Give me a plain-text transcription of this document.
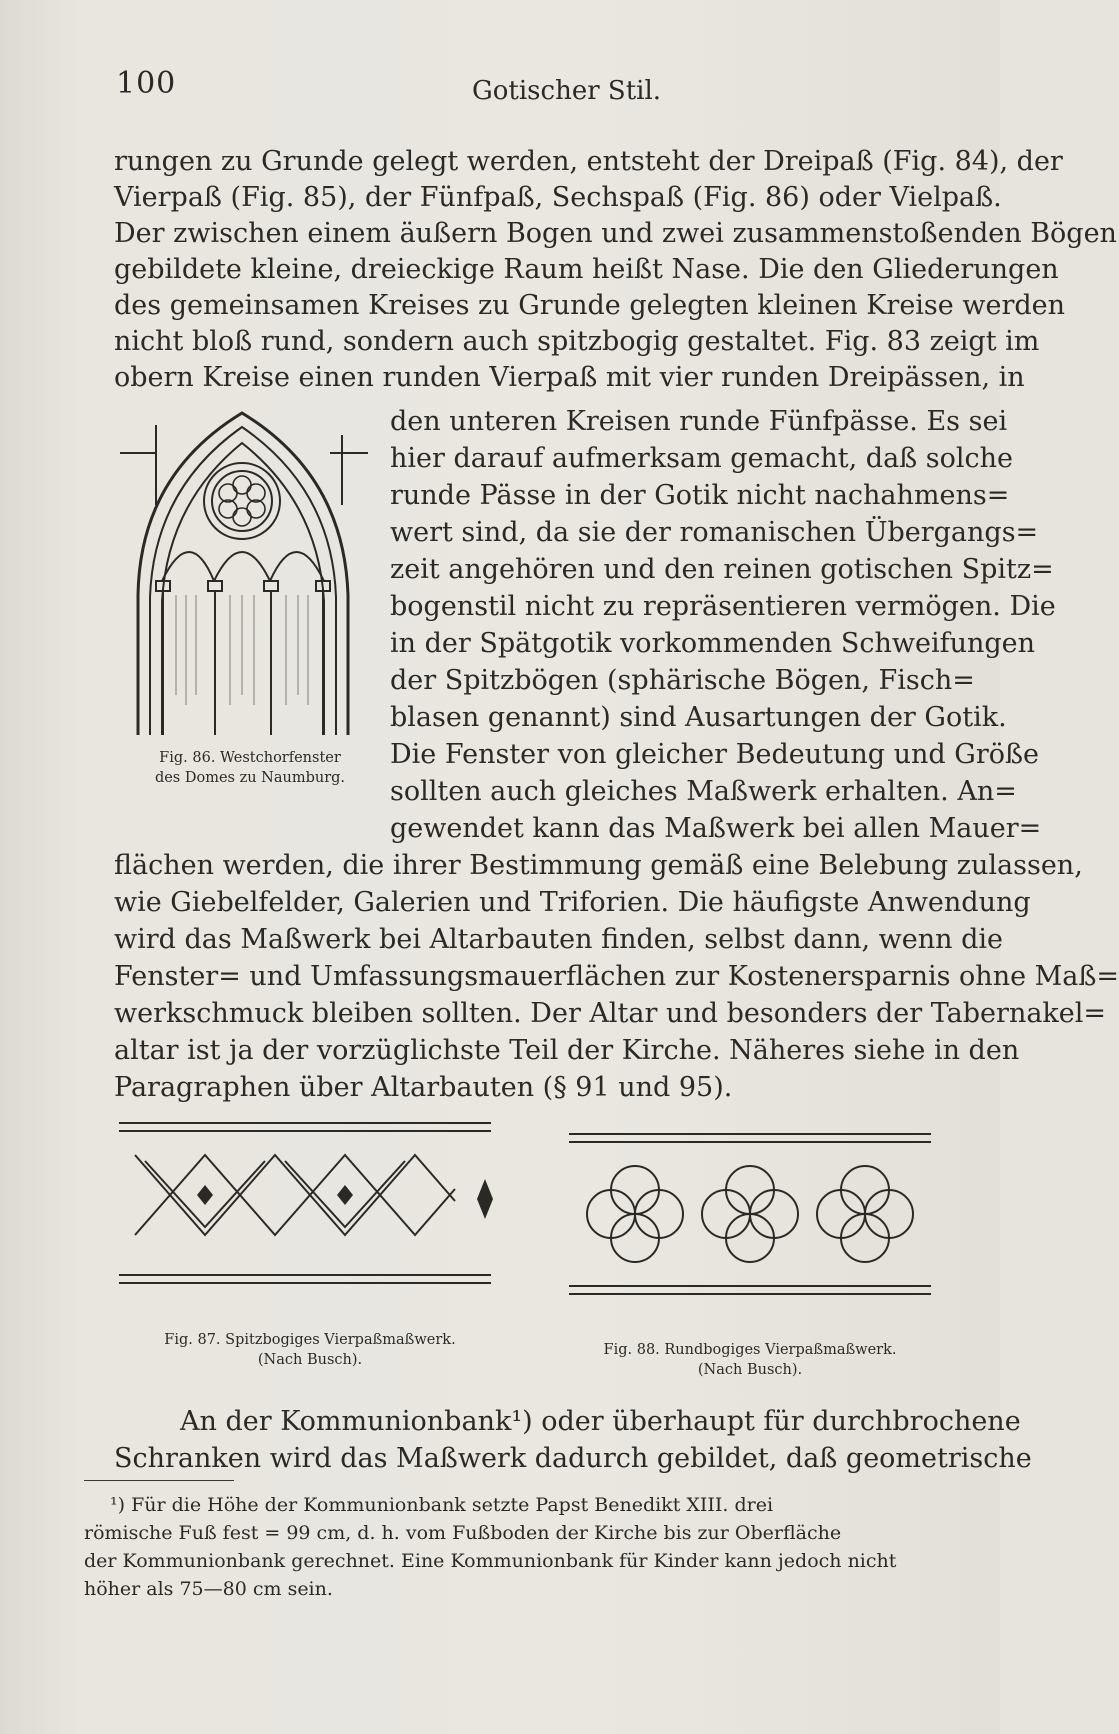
100	Gotischer Stil.
rungen zu Grunde gelegt werden, entsteht der Dreipaß (Fig. 84), der
Vierpaß (Fig. 85), der Fünfpaß, Sechspaß (Fig. 86) oder Vielpaß.
Der zwischen einem äußern Bogen und zwei zusammenstoßenden Bögen
gebildete kleine, dreieckige Raum heißt Nase. Die den Gliederungen
des gemeinsamen Kreises zu Grunde gelegten kleinen Kreise werden
nicht bloß rund, sondern auch spitzbogig gestaltet. Fig. 83 zeigt im
obern Kreise einen runden Vierpaß mit vier runden Dreipässen, in
den unteren Kreisen runde Fünfpässe. Es sei
hier darauf aufmerksam gemacht, daß solche
runde Pässe in der Gotik nicht nachahmens=
wert sind, da sie der romanischen Übergangs=
zeit angehören und den reinen gotischen Spitz=
bogenstil nicht zu repräsentieren vermögen. Die
in der Spätgotik vorkommenden Schweifungen
der Spitzbögen (sphärische Bögen, Fisch=
blasen genannt) sind Ausartungen der Gotik.
Die Fenster von gleicher Bedeutung und Größe
sollten auch gleiches Maßwerk erhalten. An=
gewendet kann das Maßwerk bei allen Mauer=
flächen werden, die ihrer Bestimmung gemäß eine Belebung zulassen,
wie Giebelfelder, Galerien und Triforien. Die häufigste Anwendung
wird das Maßwerk bei Altarbauten finden, selbst dann, wenn die
Fenster= und Umfassungsmauerflächen zur Kostenersparnis ohne Maß=
werkschmuck bleiben sollten. Der Altar und besonders der Tabernakel=
altar ist ja der vorzüglichste Teil der Kirche. Näheres siehe in den
Paragraphen über Altarbauten (§ 91 und 95).
Fig. 86. Westchorfenster
des Domes zu Naumburg.
Fig. 87. Spitzbogiges Vierpaßmaßwerk.
(Nach Busch).
Fig. 88. Rundbogiges Vierpaßmaßwerk.
(Nach Busch).
An der Kommunionbank¹) oder überhaupt für durchbrochene
Schranken wird das Maßwerk dadurch gebildet, daß geometrische
¹) Für die Höhe der Kommunionbank setzte Papst Benedikt XIII. drei
römische Fuß fest = 99 cm, d. h. vom Fußboden der Kirche bis zur Oberfläche
der Kommunionbank gerechnet. Eine Kommunionbank für Kinder kann jedoch nicht
höher als 75—80 cm sein.
